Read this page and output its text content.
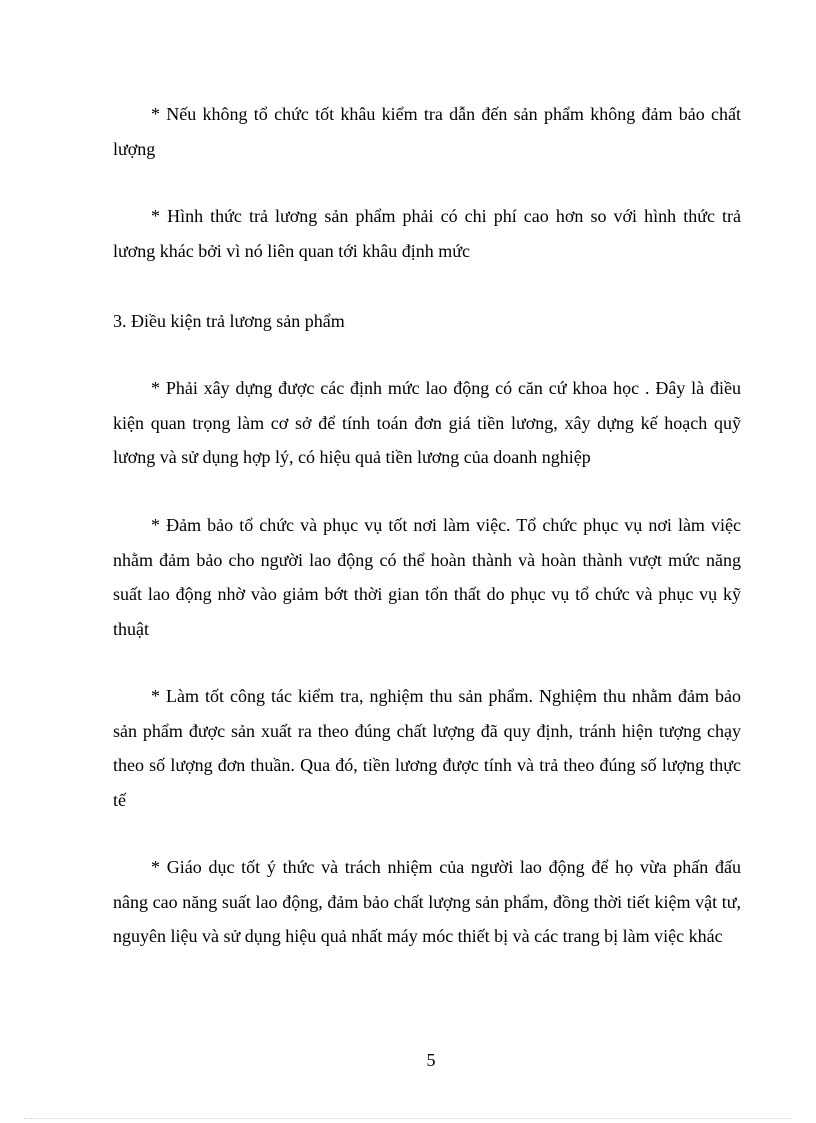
* Nếu không tổ chức tốt khâu kiểm tra dẫn đến sản phẩm không đảm bảo chất lượng

* Hình thức trả lương sản phẩm phải có chi phí cao hơn so với hình thức trả lương khác bởi vì nó liên quan tới khâu định mức

3. Điều kiện trả lương sản phẩm

* Phải xây dựng được các định mức lao động có căn cứ khoa học . Đây là điều kiện quan trọng làm cơ sở để tính toán đơn giá tiền lương, xây dựng kế hoạch quỹ lương và sử dụng hợp lý, có hiệu quả tiền lương của doanh nghiệp

* Đảm bảo tổ chức và phục vụ tốt nơi làm việc. Tổ chức phục vụ nơi làm việc nhằm đảm bảo cho người lao động có thể hoàn thành và hoàn thành vượt mức năng suất lao động nhờ vào giảm bớt thời gian tổn thất do phục vụ tổ chức và phục vụ kỹ thuật

* Làm tốt công tác kiểm tra, nghiệm thu sản phẩm. Nghiệm thu nhằm đảm bảo sản phẩm được sản xuất ra theo đúng chất lượng đã quy định, tránh hiện tượng chạy theo số lượng đơn thuần. Qua đó, tiền lương được tính và trả theo đúng số lượng thực tế

* Giáo dục tốt ý thức và trách nhiệm của người lao động để họ vừa phấn đấu nâng cao năng suất lao động, đảm bảo chất lượng sản phẩm, đồng thời tiết kiệm vật tư, nguyên liệu và sử dụng hiệu quả nhất máy móc thiết bị và các trang bị làm việc khác

5
